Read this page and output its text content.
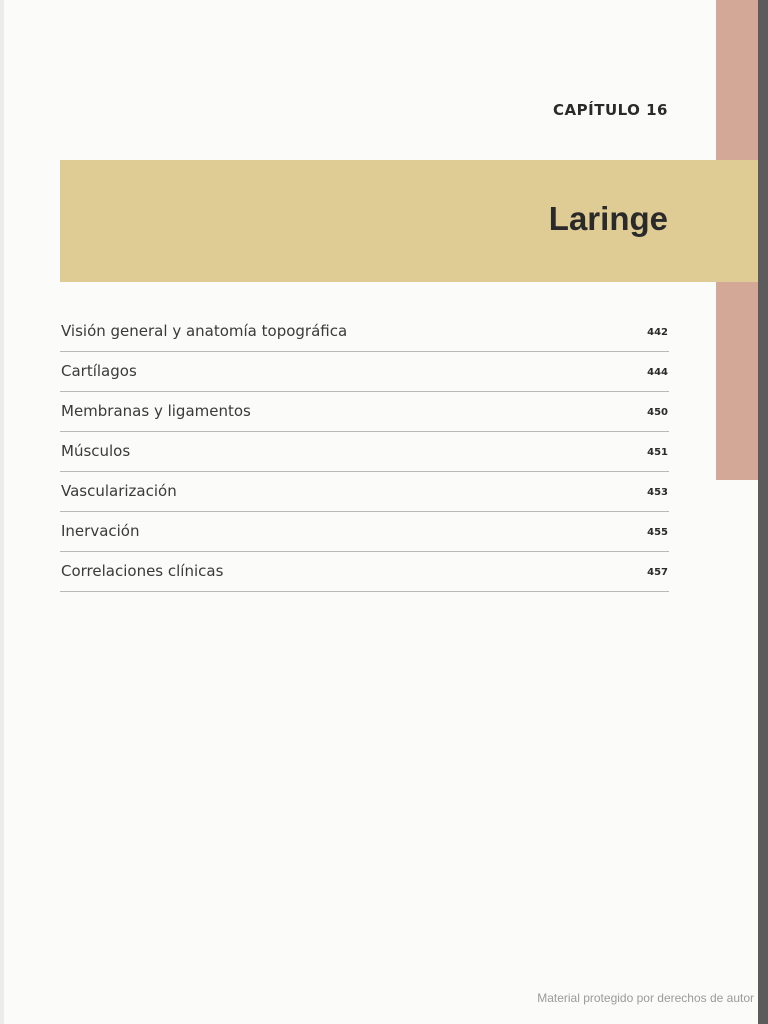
CAPÍTULO 16
Laringe
Visión general y anatomía topográfica	442
Cartílagos	444
Membranas y ligamentos	450
Músculos	451
Vascularización	453
Inervación	455
Correlaciones clínicas	457
Material protegido por derechos de autor
